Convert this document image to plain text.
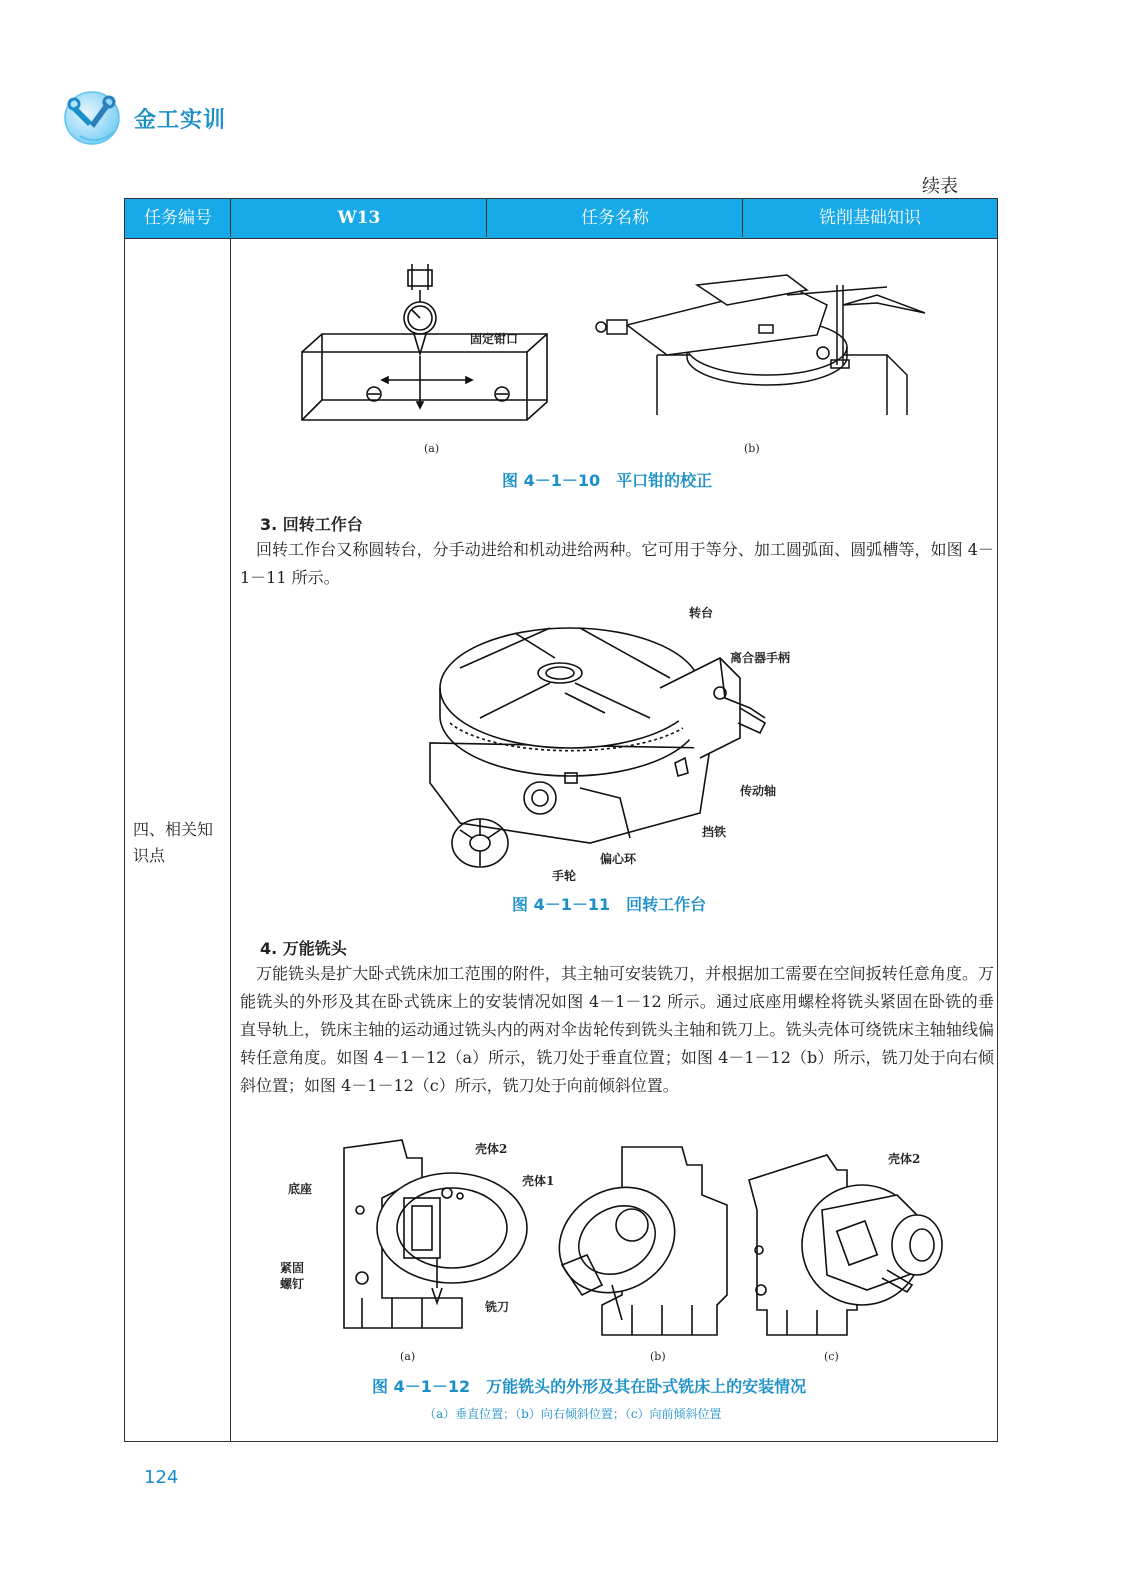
金工实训
续表
任务编号	W13	任务名称	铣削基础知识
四、相关知识点
固定钳口
(a)	(b)
图 4－1－10　平口钳的校正
3. 回转工作台

回转工作台又称圆转台，分手动进给和机动进给两种。它可用于等分、加工圆弧面、圆弧槽等，如图 4－1－11 所示。

转台
离合器手柄
传动轴
挡铁
偏心环
手轮
图 4－1－11　回转工作台
4. 万能铣头

万能铣头是扩大卧式铣床加工范围的附件，其主轴可安装铣刀，并根据加工需要在空间扳转任意角度。万能铣头的外形及其在卧式铣床上的安装情况如图 4－1－12 所示。通过底座用螺栓将铣头紧固在卧铣的垂直导轨上，铣床主轴的运动通过铣头内的两对伞齿轮传到铣头主轴和铣刀上。铣头壳体可绕铣床主轴轴线偏转任意角度。如图 4－1－12（a）所示，铣刀处于垂直位置；如图 4－1－12（b）所示，铣刀处于向右倾斜位置；如图 4－1－12（c）所示，铣刀处于向前倾斜位置。

壳体2
壳体1
底座
紧固螺钉
铣刀
(a)	(b)
壳体2
(c)
图 4－1－12　万能铣头的外形及其在卧式铣床上的安装情况
（a）垂直位置；（b）向右倾斜位置；（c）向前倾斜位置
124
